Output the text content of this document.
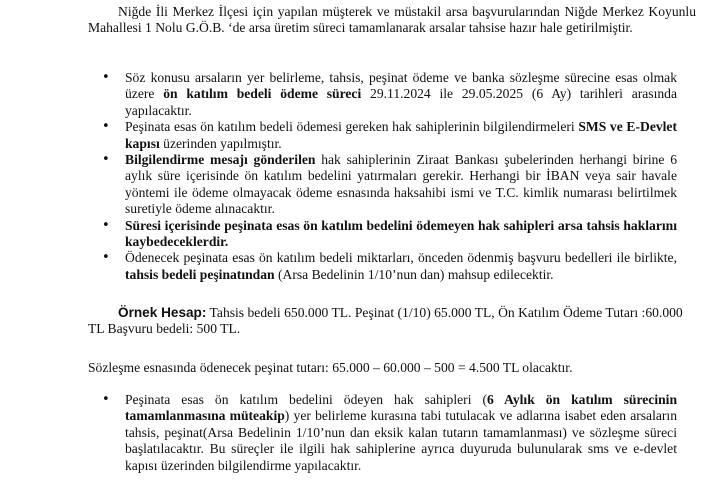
Niğde İli Merkez İlçesi için yapılan müşterek ve müstakil arsa başvurularından Niğde Merkez Koyunlu Mahallesi 1 Nolu G.Ö.B. ‘de arsa üretim süreci tamamlanarak arsalar tahsise hazır hale getirilmiştir.

• Söz konusu arsaların yer belirleme, tahsis, peşinat ödeme ve banka sözleşme sürecine esas olmak üzere ön katılım bedeli ödeme süreci 29.11.2024 ile 29.05.2025 (6 Ay) tarihleri arasında yapılacaktır.
• Peşinata esas ön katılım bedeli ödemesi gereken hak sahiplerinin bilgilendirmeleri SMS ve E-Devlet kapısı üzerinden yapılmıştır.
• Bilgilendirme mesajı gönderilen hak sahiplerinin Ziraat Bankası şubelerinden herhangi birine 6 aylık süre içerisinde ön katılım bedelini yatırmaları gerekir. Herhangi bir İBAN veya sair havale yöntemi ile ödeme olmayacak ödeme esnasında haksahibi ismi ve T.C. kimlik numarası belirtilmek suretiyle ödeme alınacaktır.
• Süresi içerisinde peşinata esas ön katılım bedelini ödemeyen hak sahipleri arsa tahsis haklarını kaybedeceklerdir.
• Ödenecek peşinata esas ön katılım bedeli miktarları, önceden ödenmiş başvuru bedelleri ile birlikte, tahsis bedeli peşinatından (Arsa Bedelinin 1/10’nun dan) mahsup edilecektir.

Örnek Hesap: Tahsis bedeli 650.000 TL. Peşinat (1/10) 65.000 TL, Ön Katılım Ödeme Tutarı :60.000 TL Başvuru bedeli: 500 TL.

Sözleşme esnasında ödenecek peşinat tutarı: 65.000 – 60.000 – 500 = 4.500 TL olacaktır.

• Peşinata esas ön katılım bedelini ödeyen hak sahipleri (6 Aylık ön katılım sürecinin tamamlanmasına müteakip) yer belirleme kurasına tabi tutulacak ve adlarına isabet eden arsaların tahsis, peşinat(Arsa Bedelinin 1/10’nun dan eksik kalan tutarın tamamlanması) ve sözleşme süreci başlatılacaktır. Bu süreçler ile ilgili hak sahiplerine ayrıca duyuruda bulunularak sms ve e-devlet kapısı üzerinden bilgilendirme yapılacaktır.
